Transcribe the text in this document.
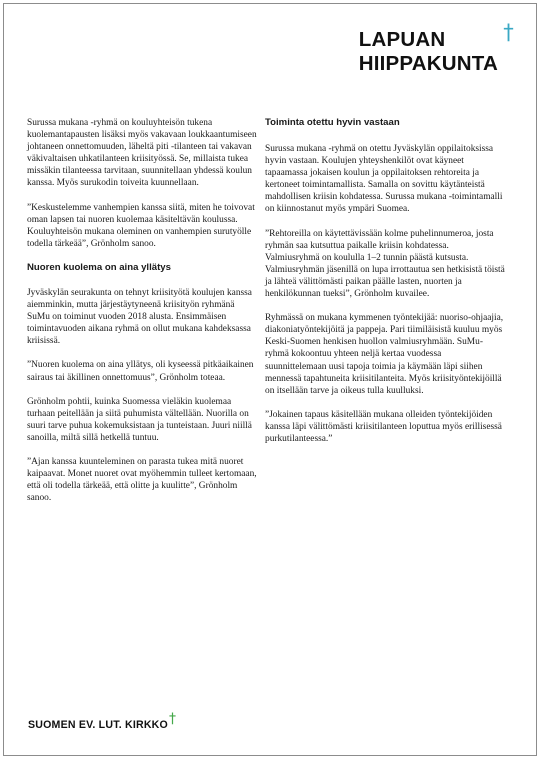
LAPUAN
HIIPPAKUNTA
†

Surussa mukana -ryhmä on kouluyhteisön tukena kuolemantapausten lisäksi myös vakavaan loukkaantumiseen johtaneen onnettomuuden, läheltä piti -tilanteen tai vakavan väkivaltaisen uhkatilanteen kriisityössä. Se, millaista tukea missäkin tilanteessa tarvitaan, suunnitellaan yhdessä koulun kanssa. Myös surukodin toiveita kuunnellaan.

”Keskustelemme vanhempien kanssa siitä, miten he toivovat oman lapsen tai nuoren kuolemaa käsiteltävän koulussa. Kouluyhteisön mukana oleminen on vanhempien surutyölle todella tärkeää”, Grönholm sanoo.

Nuoren kuolema on aina yllätys

Jyväskylän seurakunta on tehnyt kriisityötä koulujen kanssa aiemminkin, mutta järjestäytyneenä kriisityön ryhmänä SuMu on toiminut vuoden 2018 alusta. Ensimmäisen toimintavuoden aikana ryhmä on ollut mukana kahdeksassa kriisissä.

”Nuoren kuolema on aina yllätys, oli kyseessä pitkäaikainen sairaus tai äkillinen onnettomuus”, Grönholm toteaa.

Grönholm pohtii, kuinka Suomessa vieläkin kuolemaa turhaan peitellään ja siitä puhumista vältellään. Nuorilla on suuri tarve puhua kokemuksistaan ja tunteistaan. Juuri niillä sanoilla, miltä sillä hetkellä tuntuu.

”Ajan kanssa kuunteleminen on parasta tukea mitä nuoret kaipaavat. Monet nuoret ovat myöhemmin tulleet kertomaan, että oli todella tärkeää, että olitte ja kuulitte”, Grönholm sanoo.

Toiminta otettu hyvin vastaan

Surussa mukana -ryhmä on otettu Jyväskylän oppilaitoksissa hyvin vastaan. Koulujen yhteyshenkilöt ovat käyneet tapaamassa jokaisen koulun ja oppilaitoksen rehtoreita ja kertoneet toimintamallista. Samalla on sovittu käytänteistä mahdollisen kriisin kohdatessa. Surussa mukana -toimintamalli on kiinnostanut myös ympäri Suomea.

”Rehtoreilla on käytettävissään kolme puhelinnumeroa, josta ryhmän saa kutsuttua paikalle kriisin kohdatessa. Valmiusryhmä on koululla 1–2 tunnin päästä kutsusta. Valmiusryhmän jäsenillä on lupa irrottautua sen hetkisistä töistä ja lähteä välittömästi paikan päälle lasten, nuorten ja henkilökunnan tueksi”, Grönholm kuvailee.

Ryhmässä on mukana kymmenen työntekijää: nuoriso-ohjaajia, diakoniatyöntekijöitä ja pappeja. Pari tiimiläisistä kuuluu myös Keski-Suomen henkisen huollon valmiusryhmään. SuMu-ryhmä kokoontuu yhteen neljä kertaa vuodessa suunnittelemaan uusi tapoja toimia ja käymään läpi siihen mennessä tapahtuneita kriisitilanteita. Myös kriisityöntekijöillä on itsellään tarve ja oikeus tulla kuulluksi.

”Jokainen tapaus käsitellään mukana olleiden työntekijöiden kanssa läpi välittömästi kriisitilanteen loputtua myös erillisessä purkutilanteessa.”

SUOMEN EV. LUT. KIRKKO†
